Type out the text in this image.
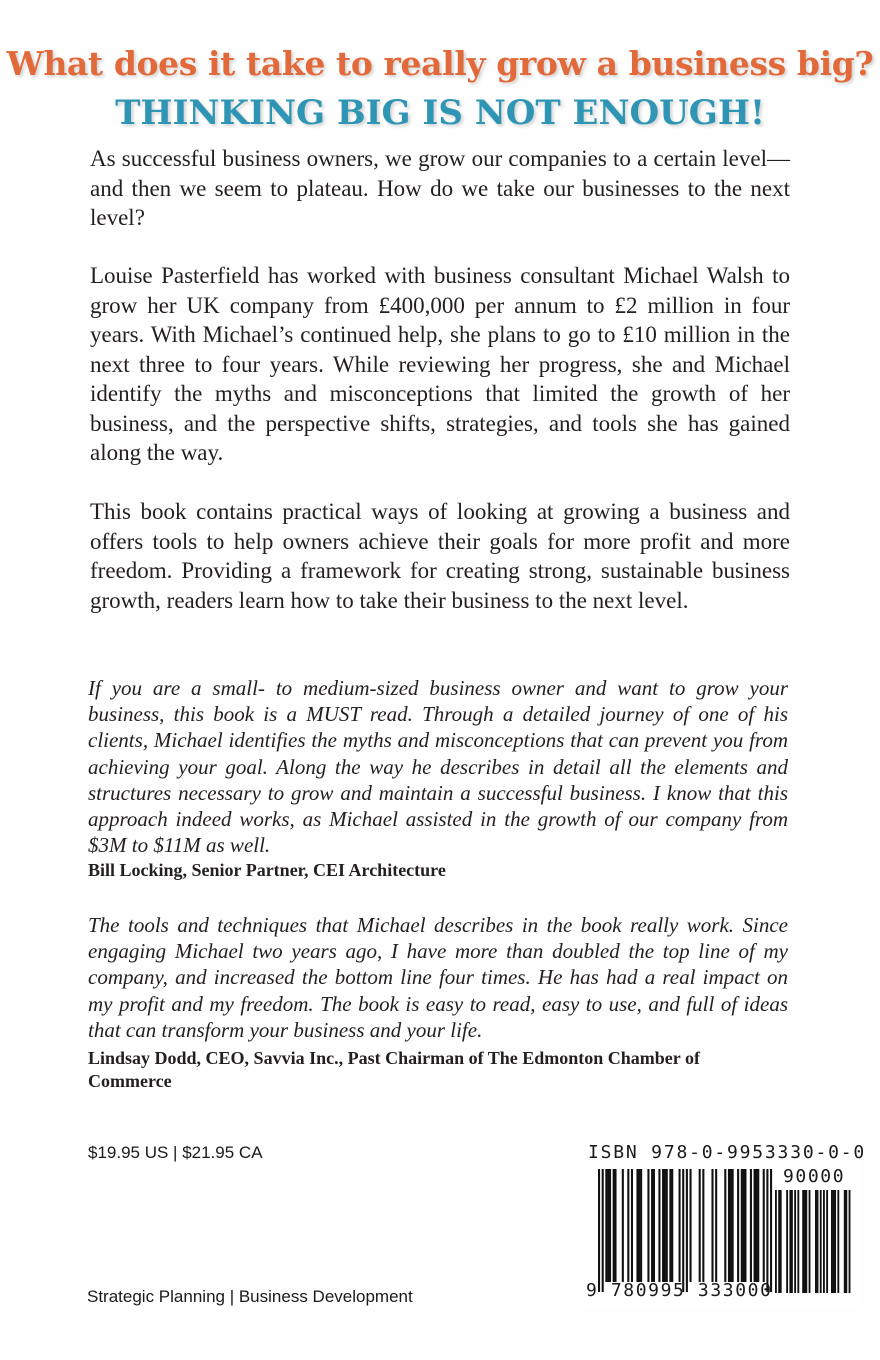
What does it take to really grow a business big?
THINKING BIG IS NOT ENOUGH!

As successful business owners, we grow our companies to a certain level—and then we seem to plateau. How do we take our businesses to the next level?

Louise Pasterfield has worked with business consultant Michael Walsh to grow her UK company from £400,000 per annum to £2 million in four years. With Michael’s continued help, she plans to go to £10 million in the next three to four years. While reviewing her progress, she and Michael identify the myths and misconceptions that limited the growth of her business, and the perspective shifts, strategies, and tools she has gained along the way.

This book contains practical ways of looking at growing a business and offers tools to help owners achieve their goals for more profit and more freedom. Providing a framework for creating strong, sustainable business growth, readers learn how to take their business to the next level.

If you are a small- to medium-sized business owner and want to grow your business, this book is a MUST read. Through a detailed journey of one of his clients, Michael identifies the myths and misconceptions that can prevent you from achieving your goal. Along the way he describes in detail all the elements and structures necessary to grow and maintain a successful business. I know that this approach indeed works, as Michael assisted in the growth of our company from $3M to $11M as well.

Bill Locking, Senior Partner, CEI Architecture

The tools and techniques that Michael describes in the book really work. Since engaging Michael two years ago, I have more than doubled the top line of my company, and increased the bottom line four times. He has had a real impact on my profit and my freedom. The book is easy to read, easy to use, and full of ideas that can transform your business and your life.

Lindsay Dodd, CEO, Savvia Inc., Past Chairman of The Edmonton Chamber of Commerce
$19.95 US | $21.95 CA
Strategic Planning | Business Development
ISBN 978-0-9953330-0-0
90000
9 780995 333000
